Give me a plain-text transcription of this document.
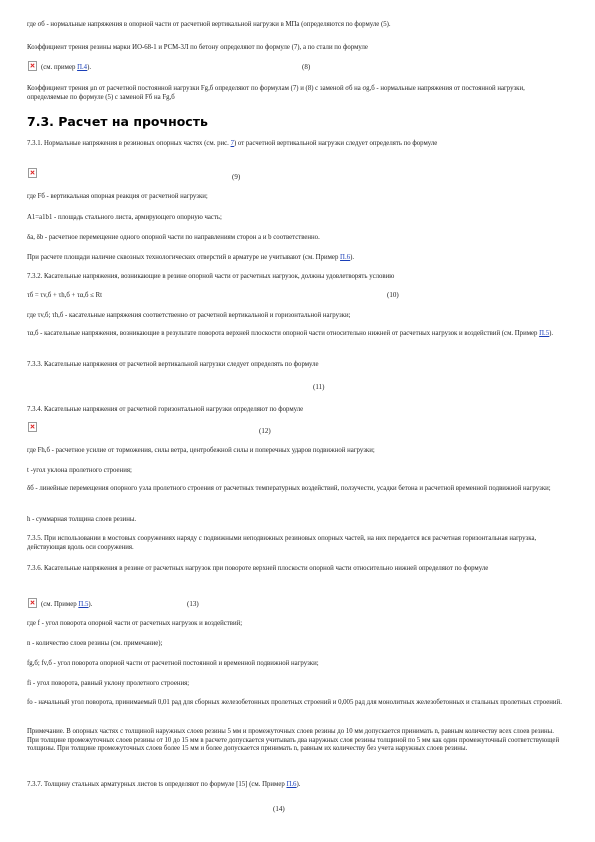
где σб - нормальные напряжения в опорной части от расчетной вертикальной нагрузки в МПа (определяются по формуле (5).
Коэффициент трения резины марки ИО-68-1 и РСМ-3Л по бетону определяют по формуле (7), а по стали по формуле
(см. пример П.4).	(8)
Коэффициент трения μn от расчетной постоянной нагрузки Fg,б определяют по формулам (7) и (8) с заменой σб на σg,б - нормальные напряжения от постоянной нагрузки, определяемые по формуле (5) с заменой Fб на Fg,б
7.3. Расчет на прочность
7.3.1. Нормальные напряжения в резиновых опорных частях (см. рис. 7) от расчетной вертикальной нагрузки следует определять по формуле
(9)
где Fб - вертикальная опорная реакция от расчетной нагрузки;
A1=a1b1 - площадь стального листа, армирующего опорную часть;
δa, δb - расчетное перемещение одного опорной части по направлениям сторон a и b соответственно.
При расчете площади наличие сквозных технологических отверстий в арматуре не учитывают (см. Пример П.6).
7.3.2. Касательные напряжения, возникающие в резине опорной части от расчетных нагрузок, должны удовлетворять условию
τб = τv,б + τh,б + τα,б ≤ Rt	(10)
где τv,б; τh,б - касательные напряжения соответственно от расчетной вертикальной и горизонтальной нагрузки;
τα,б - касательные напряжения, возникающие в результате поворота верхней плоскости опорной части относительно нижней от расчетных нагрузок и воздействий (см. Пример П.5).
7.3.3. Касательные напряжения от расчетной вертикальной нагрузки следует определять по формуле
(11)
7.3.4. Касательные напряжения от расчетной горизонтальной нагрузки определяют по формуле
(12)
где Fh,б - расчетное усилие от торможения, силы ветра, центробежной силы и поперечных ударов подвижной нагрузки;
t -угол уклона пролетного строения;
δб - линейные перемещения опорного узла пролетного строения от расчетных температурных воздействий, ползучести, усадки бетона и расчетной временной подвижной нагрузки;
h - суммарная толщина слоев резины.
7.3.5. При использовании в мостовых сооружениях наряду с подвижными неподвижных резиновых опорных частей, на них передается вся расчетная горизонтальная нагрузка, действующая вдоль оси сооружения.
7.3.6. Касательные напряжения в резине от расчетных нагрузок при повороте верхней плоскости опорной части относительно нижней определяют по формуле
(см. Пример П.5).	(13)
где f - угол поворота опорной части от расчетных нагрузок и воздействий;
n - количество слоев резины (см. примечание);
fg,б; fv,б - угол поворота опорной части от расчетной постоянной и временной подвижной нагрузки;
fi - угол поворота, равный уклону пролетного строения;
fo - начальный угол поворота, принимаемый 0,01 рад для сборных железобетонных пролетных строений и 0,005 рад для монолитных железобетонных и стальных пролетных строений.
Примечание. В опорных частях с толщиной наружных слоев резины 5 мм и промежуточных слоев резины до 10 мм допускается принимать n, равным количеству всех слоев резины. При толщине промежуточных слоев резины от 10 до 15 мм в расчете допускается учитывать два наружных слоя резины толщиной по 5 мм как один промежуточный соответствующей толщины. При толщине промежуточных слоев более 15 мм и более допускается принимать n, равным их количеству без учета наружных слоев резины.
7.3.7. Толщину стальных арматурных листов ts определяют по формуле [15] (см. Пример П.6).
(14)
